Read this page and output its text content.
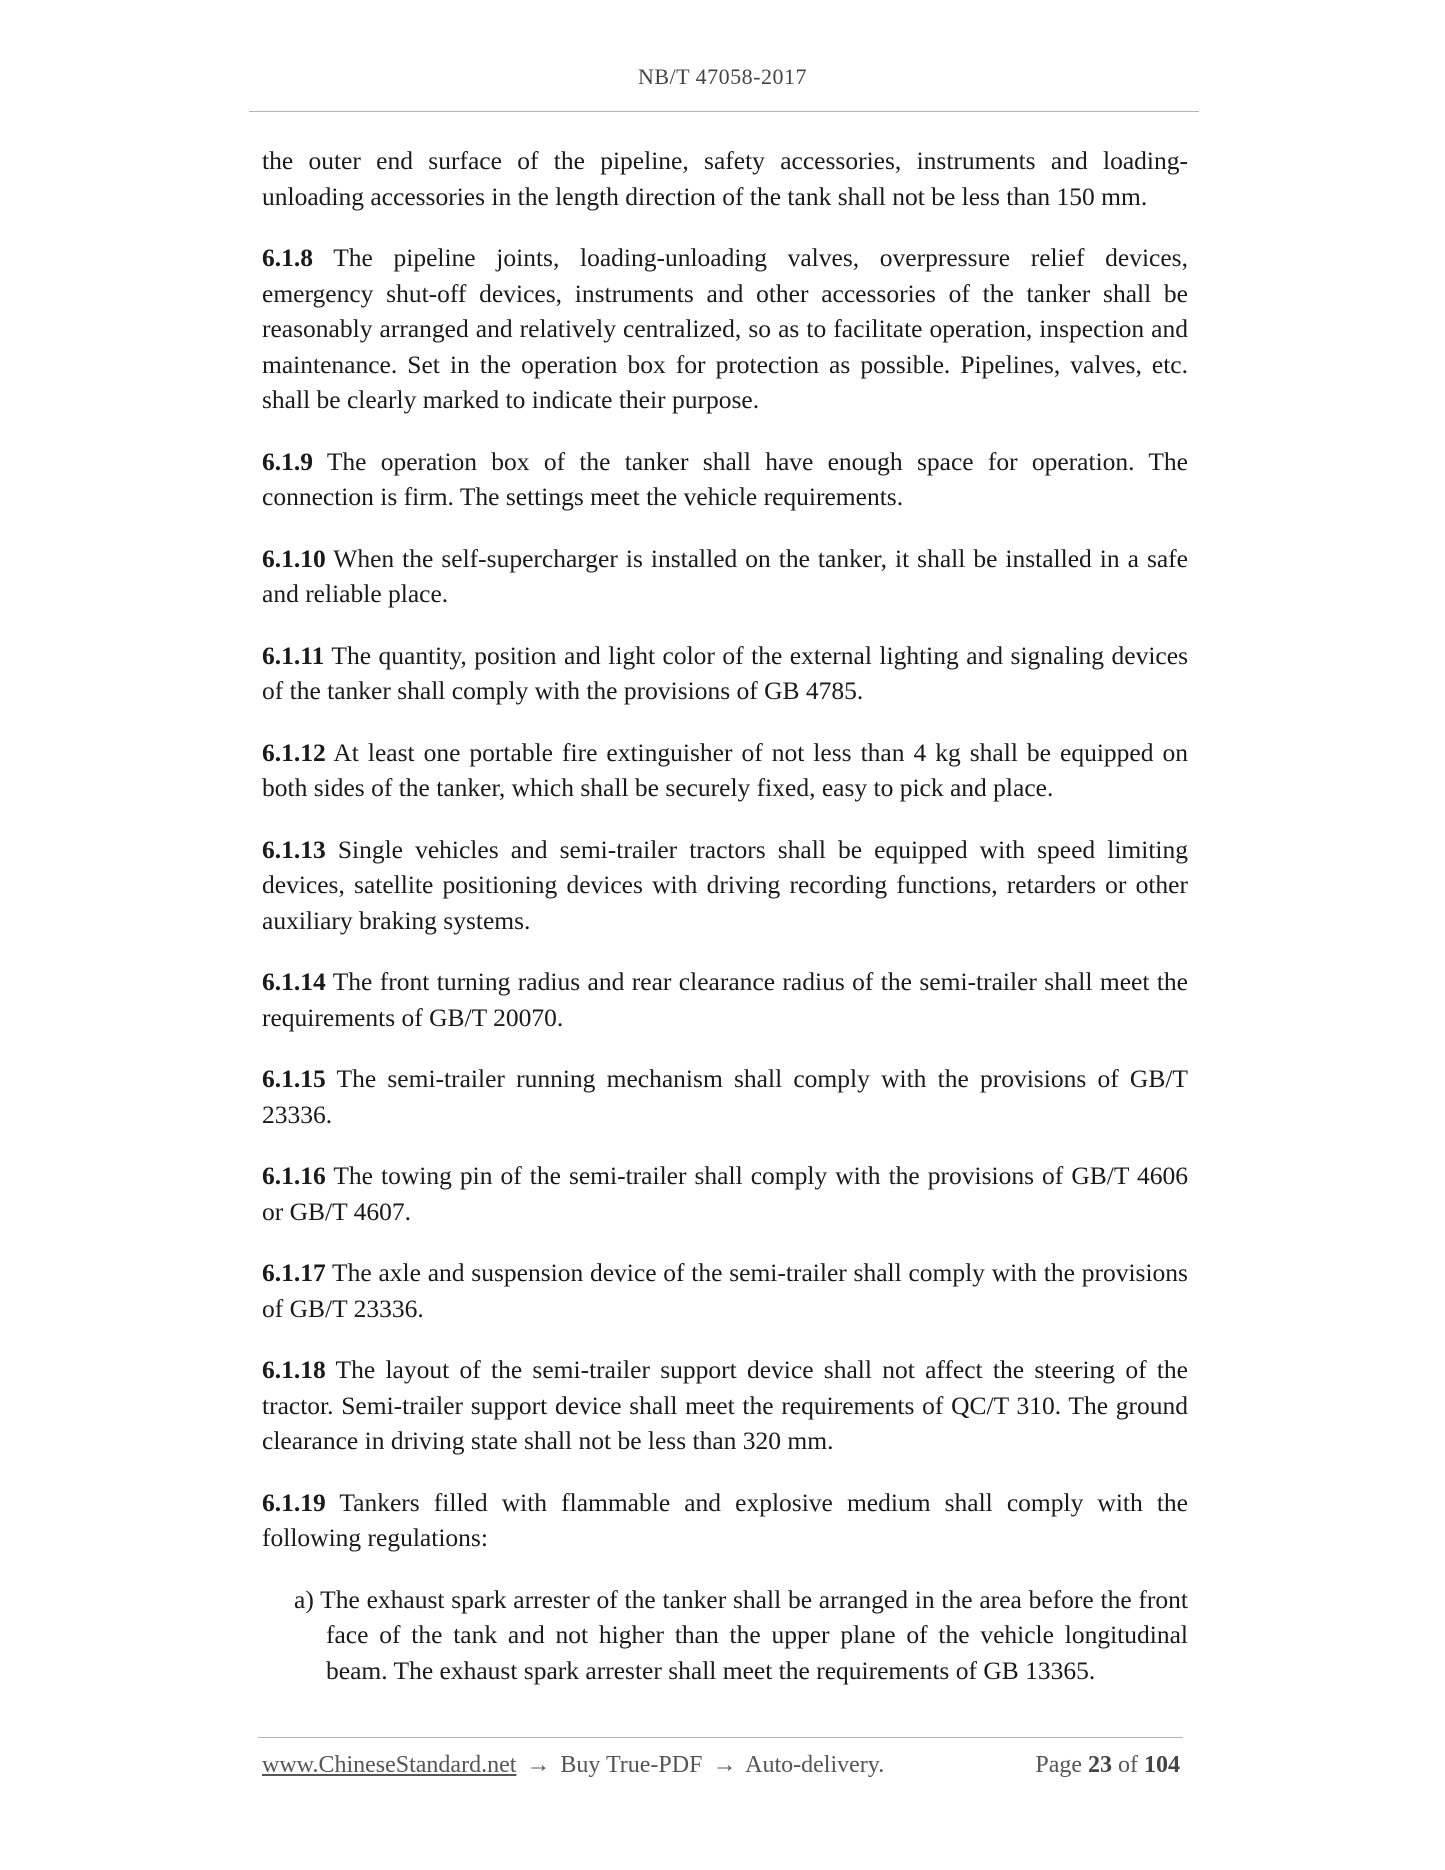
NB/T 47058-2017

the outer end surface of the pipeline, safety accessories, instruments and loading-unloading accessories in the length direction of the tank shall not be less than 150 mm.

6.1.8 The pipeline joints, loading-unloading valves, overpressure relief devices, emergency shut-off devices, instruments and other accessories of the tanker shall be reasonably arranged and relatively centralized, so as to facilitate operation, inspection and maintenance. Set in the operation box for protection as possible. Pipelines, valves, etc. shall be clearly marked to indicate their purpose.

6.1.9 The operation box of the tanker shall have enough space for operation. The connection is firm. The settings meet the vehicle requirements.

6.1.10 When the self-supercharger is installed on the tanker, it shall be installed in a safe and reliable place.

6.1.11 The quantity, position and light color of the external lighting and signaling devices of the tanker shall comply with the provisions of GB 4785.

6.1.12 At least one portable fire extinguisher of not less than 4 kg shall be equipped on both sides of the tanker, which shall be securely fixed, easy to pick and place.

6.1.13 Single vehicles and semi-trailer tractors shall be equipped with speed limiting devices, satellite positioning devices with driving recording functions, retarders or other auxiliary braking systems.

6.1.14 The front turning radius and rear clearance radius of the semi-trailer shall meet the requirements of GB/T 20070.

6.1.15 The semi-trailer running mechanism shall comply with the provisions of GB/T 23336.

6.1.16 The towing pin of the semi-trailer shall comply with the provisions of GB/T 4606 or GB/T 4607.

6.1.17 The axle and suspension device of the semi-trailer shall comply with the provisions of GB/T 23336.

6.1.18 The layout of the semi-trailer support device shall not affect the steering of the tractor. Semi-trailer support device shall meet the requirements of QC/T 310. The ground clearance in driving state shall not be less than 320 mm.

6.1.19 Tankers filled with flammable and explosive medium shall comply with the following regulations:

a) The exhaust spark arrester of the tanker shall be arranged in the area before the front face of the tank and not higher than the upper plane of the vehicle longitudinal beam. The exhaust spark arrester shall meet the requirements of GB 13365.

www.ChineseStandard.net → Buy True-PDF → Auto-delivery.	Page 23 of 104
